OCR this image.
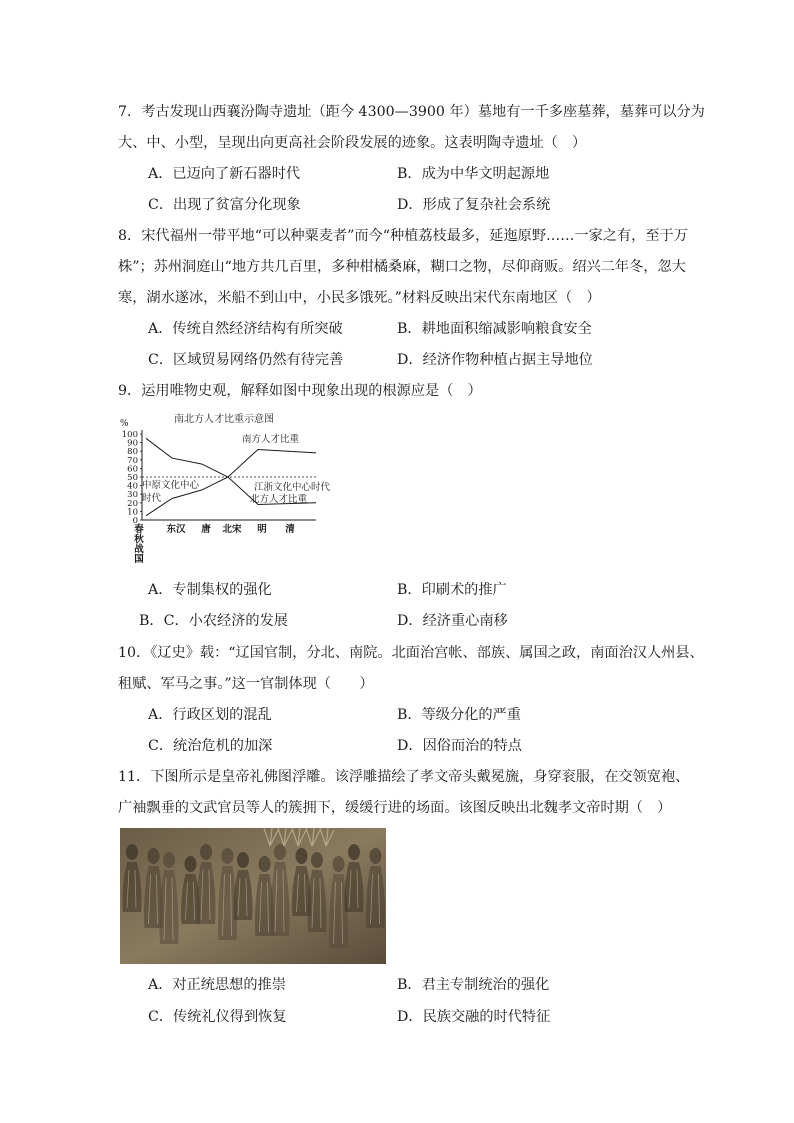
7．考古发现山西襄汾陶寺遗址（距今 4300—3900 年）墓地有一千多座墓葬，墓葬可以分为
大、中、小型，呈现出向更高社会阶段发展的迹象。这表明陶寺遗址（　）
A．已迈向了新石器时代	B．成为中华文明起源地
C．出现了贫富分化现象	D．形成了复杂社会系统
8．宋代福州一带平地“可以种粟麦者”而今“种植荔枝最多，延迤原野……一家之有，至于万
株”；苏州洞庭山“地方共几百里，多种柑橘桑麻，糊口之物，尽仰商贩。绍兴二年冬，忽大
寒，湖水遂冰，米船不到山中，小民多饿死。”材料反映出宋代东南地区（　）
A．传统自然经济结构有所突破	B．耕地面积缩减影响粮食安全
C．区域贸易网络仍然有待完善	D．经济作物种植占据主导地位
9．运用唯物史观，解释如图中现象出现的根源应是（　）
南北方人才比重示意图
%
0
10
20
30
40
50
60
70
80
90
100
春
秋
战
国
东汉 唐 北宋 明 清
南方人才比重
北方人才比重
中原文化中心
时代
江浙文化中心时代
A．专制集权的强化	B．印刷术的推广
B．C．小农经济的发展	D．经济重心南移
10．《辽史》载：“辽国官制，分北、南院。北面治宫帐、部族、属国之政，南面治汉人州县、
租赋、军马之事。”这一官制体现（　　）
A．行政区划的混乱	B．等级分化的严重
C．统治危机的加深	D．因俗而治的特点
11．下图所示是皇帝礼佛图浮雕。该浮雕描绘了孝文帝头戴冕旒，身穿衮服，在交领宽袍、
广袖飘垂的文武官员等人的簇拥下，缓缓行进的场面。该图反映出北魏孝文帝时期（　）
A．对正统思想的推崇	B．君主专制统治的强化
C．传统礼仪得到恢复	D．民族交融的时代特征
